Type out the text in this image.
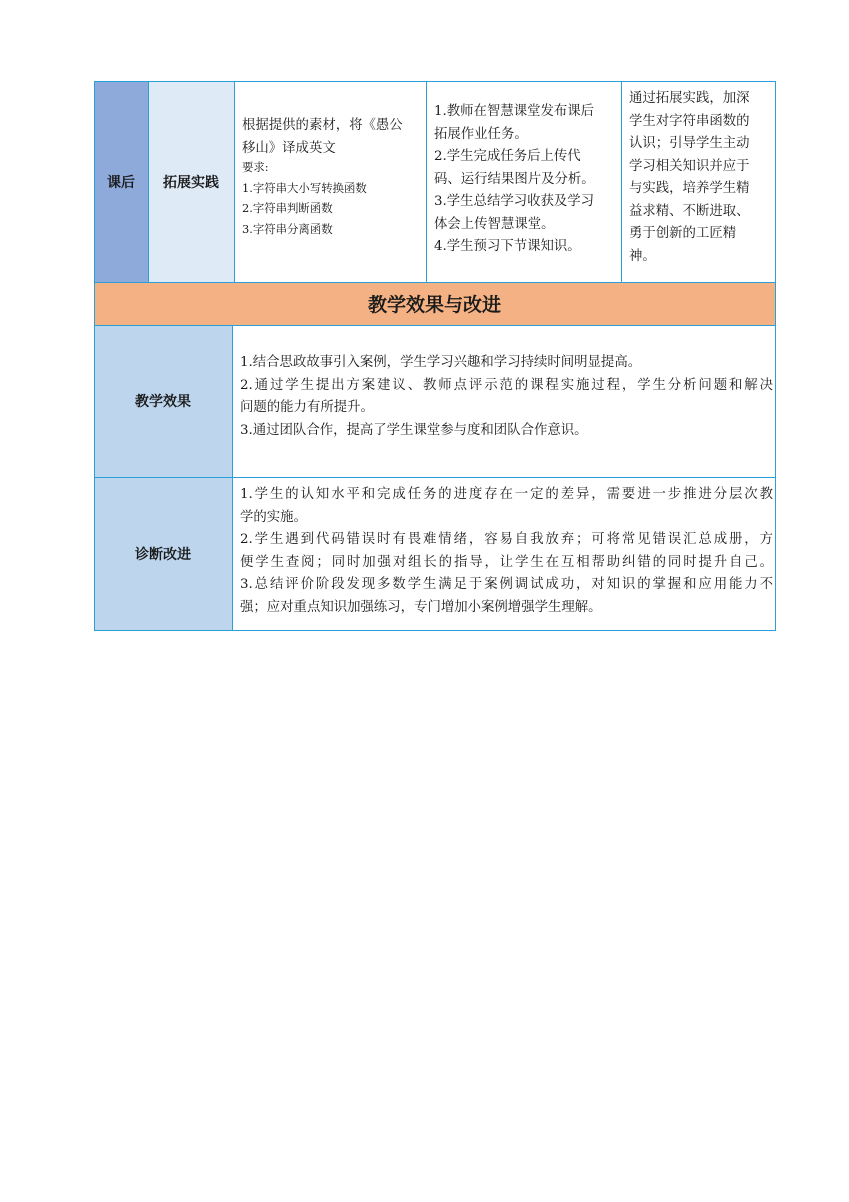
课后 拓展实践
根据提供的素材，将《愚公
移山》译成英文
要求:
1.字符串大小写转换函数
2.字符串判断函数
3.字符串分离函数
1.教师在智慧课堂发布课后
拓展作业任务。
2.学生完成任务后上传代
码、运行结果图片及分析。
3.学生总结学习收获及学习
体会上传智慧课堂。
4.学生预习下节课知识。
通过拓展实践，加深
学生对字符串函数的
认识；引导学生主动
学习相关知识并应于
与实践，培养学生精
益求精、不断进取、
勇于创新的工匠精
神。
教学效果与改进
教学效果
1.结合思政故事引入案例，学生学习兴趣和学习持续时间明显提高。
2.通过学生提出方案建议、教师点评示范的课程实施过程，学生分析问题和解决
问题的能力有所提升。
3.通过团队合作，提高了学生课堂参与度和团队合作意识。
诊断改进
1.学生的认知水平和完成任务的进度存在一定的差异，需要进一步推进分层次教
学的实施。
2.学生遇到代码错误时有畏难情绪，容易自我放弃；可将常见错误汇总成册，方
便学生查阅；同时加强对组长的指导，让学生在互相帮助纠错的同时提升自己。
3.总结评价阶段发现多数学生满足于案例调试成功，对知识的掌握和应用能力不
强；应对重点知识加强练习，专门增加小案例增强学生理解。
